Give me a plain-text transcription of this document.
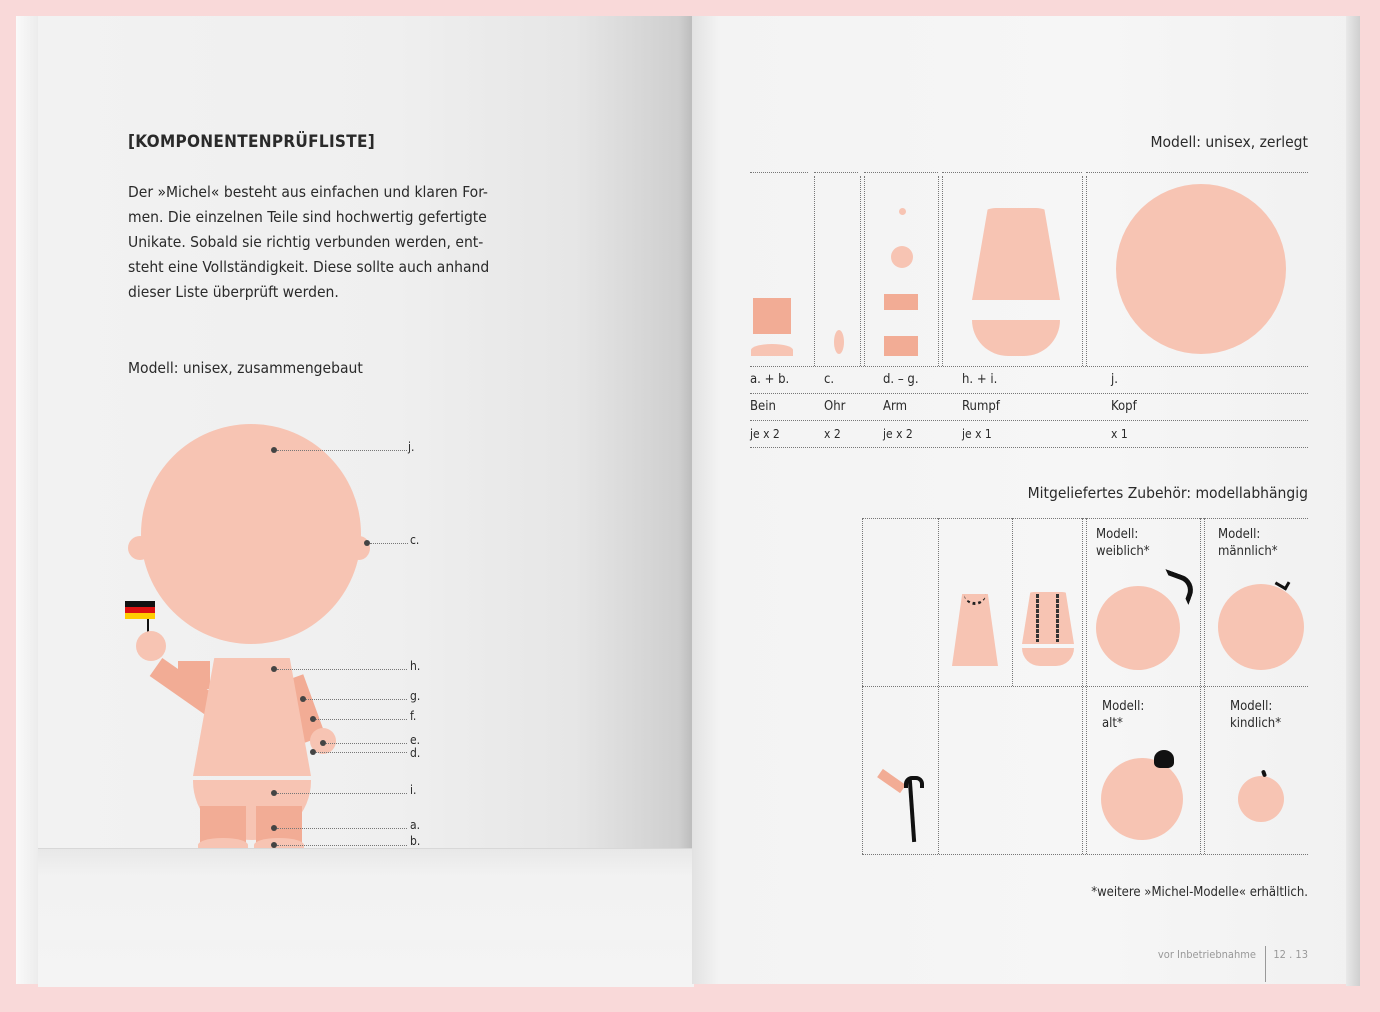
[KOMPONENTENPRÜFLISTE]
Der »Michel« besteht aus einfachen und klaren For-
men. Die einzelnen Teile sind hochwertig gefertigte
Unikate. Sobald sie richtig verbunden werden, ent-
steht eine Vollständigkeit. Diese sollte auch anhand
dieser Liste überprüft werden.
Modell: unisex, zusammengebaut
j.
c.
h.
g.
f.
e.
d.
i.
a.
b.
Modell: unisex, zerlegt
a. + b.	c.	d. – g.	h. + i.	j.
Bein	Ohr	Arm	Rumpf	Kopf
je x 2	x 2	je x 2	je x 1	x 1
Mitgeliefertes Zubehör: modellabhängig
Modell:
weiblich*
Modell:
männlich*
Modell:
alt*
Modell:
kindlich*
*weitere »Michel-Modelle« erhältlich.
vor Inbetriebnahme 12 . 13
